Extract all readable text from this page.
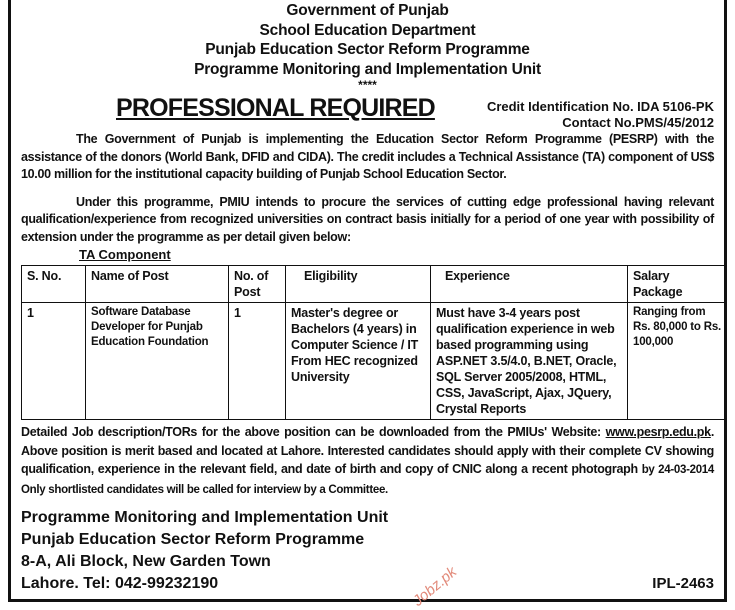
Government of Punjab
School Education Department
Punjab Education Sector Reform Programme
Programme Monitoring and Implementation Unit
****
PROFESSIONAL REQUIRED	Credit Identification No. IDA 5106-PK
Contact No.PMS/45/2012

The Government of Punjab is implementing the Education Sector Reform Programme (PESRP) with the assistance of the donors (World Bank, DFID and CIDA). The credit includes a Technical Assistance (TA) component of US$ 10.00 million for the institutional capacity building of Punjab School Education Sector.

Under this programme, PMIU intends to procure the services of cutting edge professional having relevant qualification/experience from recognized universities on contract basis initially for a period of one year with possibility of extension under the programme as per detail given below:

TA Component
S. No.	Name of Post	No. of Post	Eligibility	Experience	Salary Package
1	Software Database Developer for Punjab Education Foundation	1	Master's degree or Bachelors (4 years) in Computer Science / IT From HEC recognized University	Must have 3-4 years post qualification experience in web based programming using ASP.NET 3.5/4.0, B.NET, Oracle, SQL Server 2005/2008, HTML, CSS, JavaScript, Ajax, JQuery, Crystal Reports	Ranging from Rs. 80,000 to Rs. 100,000
Detailed Job description/TORs for the above position can be downloaded from the PMIUs' Website: www.pesrp.edu.pk. Above position is merit based and located at Lahore. Interested candidates should apply with their complete CV showing qualification, experience in the relevant field, and date of birth and copy of CNIC along a recent photograph by 24-03-2014 Only shortlisted candidates will be called for interview by a Committee.
Programme Monitoring and Implementation Unit
Punjab Education Sector Reform Programme
8-A, Ali Block, New Garden Town
Lahore. Tel: 042-99232190	Jobz.pk	IPL-2463
